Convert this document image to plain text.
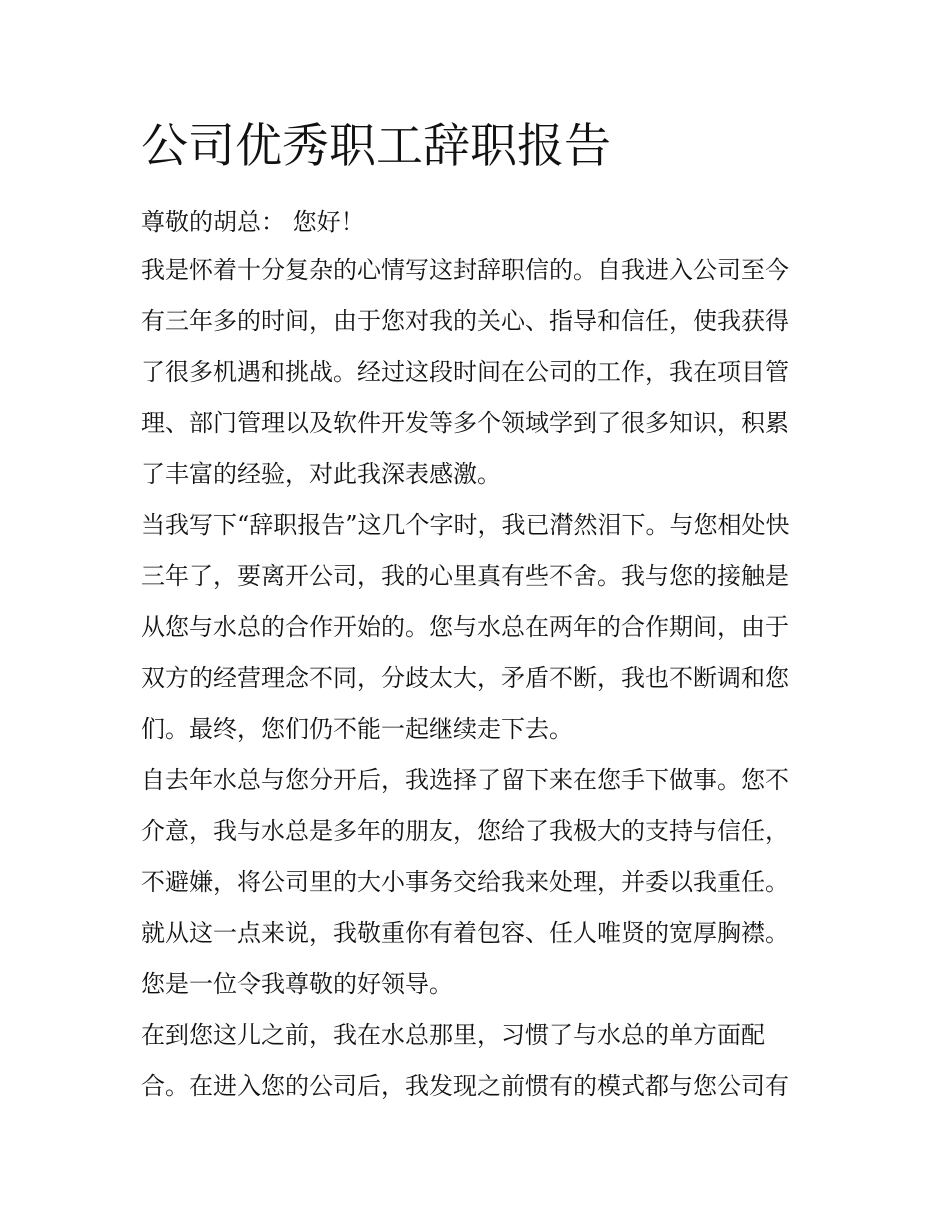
公司优秀职工辞职报告

尊敬的胡总： 您好！

我是怀着十分复杂的心情写这封辞职信的。自我进入公司至今
有三年多的时间，由于您对我的关心、指导和信任，使我获得
了很多机遇和挑战。经过这段时间在公司的工作，我在项目管
理、部门管理以及软件开发等多个领域学到了很多知识，积累
了丰富的经验，对此我深表感激。
当我写下“辞职报告”这几个字时，我已潸然泪下。与您相处快
三年了，要离开公司，我的心里真有些不舍。我与您的接触是
从您与水总的合作开始的。您与水总在两年的合作期间，由于
双方的经营理念不同，分歧太大，矛盾不断，我也不断调和您
们。最终，您们仍不能一起继续走下去。
自去年水总与您分开后，我选择了留下来在您手下做事。您不
介意，我与水总是多年的朋友，您给了我极大的支持与信任，
不避嫌，将公司里的大小事务交给我来处理，并委以我重任。
就从这一点来说，我敬重你有着包容、任人唯贤的宽厚胸襟。
您是一位令我尊敬的好领导。
在到您这儿之前，我在水总那里，习惯了与水总的单方面配
合。在进入您的公司后，我发现之前惯有的模式都与您公司有
